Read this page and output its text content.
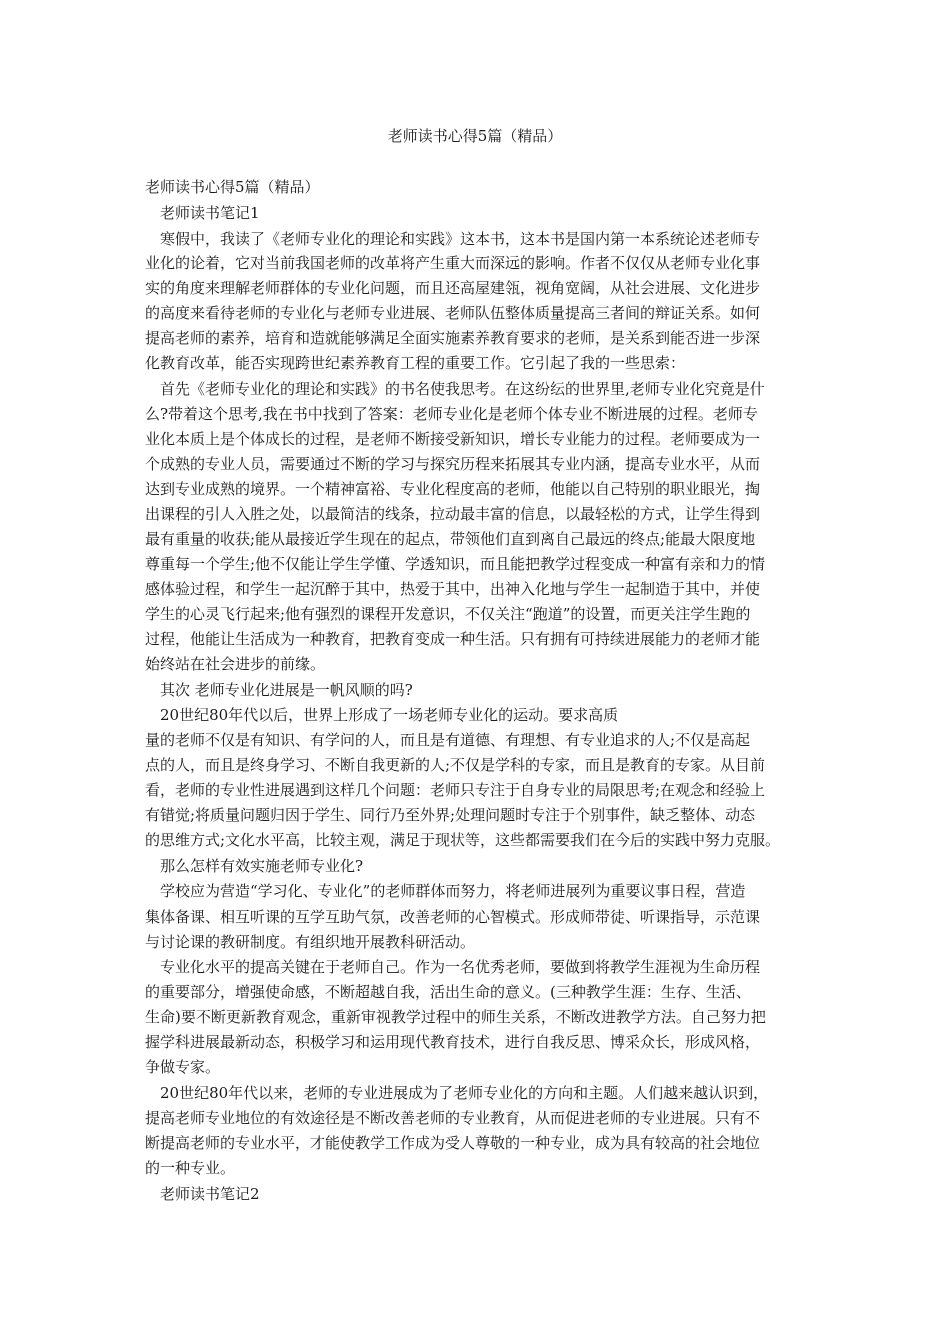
老师读书心得5篇（精品）
老师读书心得5篇（精品）
老师读书笔记1
寒假中，我读了《老师专业化的理论和实践》这本书，这本书是国内第一本系统论述老师专
业化的论着，它对当前我国老师的改革将产生重大而深远的影响。作者不仅仅从老师专业化事
实的角度来理解老师群体的专业化问题，而且还高屋建瓴，视角宽阔，从社会进展、文化进步
的高度来看待老师的专业化与老师专业进展、老师队伍整体质量提高三者间的辩证关系。如何
提高老师的素养，培育和造就能够满足全面实施素养教育要求的老师，是关系到能否进一步深
化教育改革，能否实现跨世纪素养教育工程的重要工作。它引起了我的一些思索：
首先《老师专业化的理论和实践》的书名使我思考。在这纷纭的世界里,老师专业化究竟是什
么?带着这个思考,我在书中找到了答案：老师专业化是老师个体专业不断进展的过程。老师专
业化本质上是个体成长的过程，是老师不断接受新知识，增长专业能力的过程。老师要成为一
个成熟的专业人员，需要通过不断的学习与探究历程来拓展其专业内涵，提高专业水平，从而
达到专业成熟的境界。一个精神富裕、专业化程度高的老师，他能以自己特别的职业眼光，掏
出课程的引人入胜之处，以最简洁的线条，拉动最丰富的信息，以最轻松的方式，让学生得到
最有重量的收获;能从最接近学生现在的起点，带领他们直到离自己最远的终点;能最大限度地
尊重每一个学生;他不仅能让学生学懂、学透知识，而且能把教学过程变成一种富有亲和力的情
感体验过程，和学生一起沉醉于其中，热爱于其中，出神入化地与学生一起制造于其中，并使
学生的心灵飞行起来;他有强烈的课程开发意识，不仅关注“跑道”的设置，而更关注学生跑的
过程，他能让生活成为一种教育，把教育变成一种生活。只有拥有可持续进展能力的老师才能
始终站在社会进步的前缘。
其次 老师专业化进展是一帆风顺的吗?
20世纪80年代以后，世界上形成了一场老师专业化的运动。要求高质
量的老师不仅是有知识、有学问的人，而且是有道德、有理想、有专业追求的人;不仅是高起
点的人，而且是终身学习、不断自我更新的人;不仅是学科的专家，而且是教育的专家。从目前
看，老师的专业性进展遇到这样几个问题：老师只专注于自身专业的局限思考;在观念和经验上
有错觉;将质量问题归因于学生、同行乃至外界;处理问题时专注于个别事件，缺乏整体、动态
的思维方式;文化水平高，比较主观，满足于现状等，这些都需要我们在今后的实践中努力克服。
那么怎样有效实施老师专业化?
学校应为营造“学习化、专业化”的老师群体而努力，将老师进展列为重要议事日程，营造
集体备课、相互听课的互学互助气氛，改善老师的心智模式。形成师带徒、听课指导，示范课
与讨论课的教研制度。有组织地开展教科研活动。
专业化水平的提高关键在于老师自己。作为一名优秀老师，要做到将教学生涯视为生命历程
的重要部分，增强使命感，不断超越自我，活出生命的意义。(三种教学生涯：生存、生活、
生命)要不断更新教育观念，重新审视教学过程中的师生关系，不断改进教学方法。自己努力把
握学科进展最新动态，积极学习和运用现代教育技术，进行自我反思、博采众长，形成风格，
争做专家。
20世纪80年代以来，老师的专业进展成为了老师专业化的方向和主题。人们越来越认识到，
提高老师专业地位的有效途径是不断改善老师的专业教育，从而促进老师的专业进展。只有不
断提高老师的专业水平，才能使教学工作成为受人尊敬的一种专业，成为具有较高的社会地位
的一种专业。
老师读书笔记2
